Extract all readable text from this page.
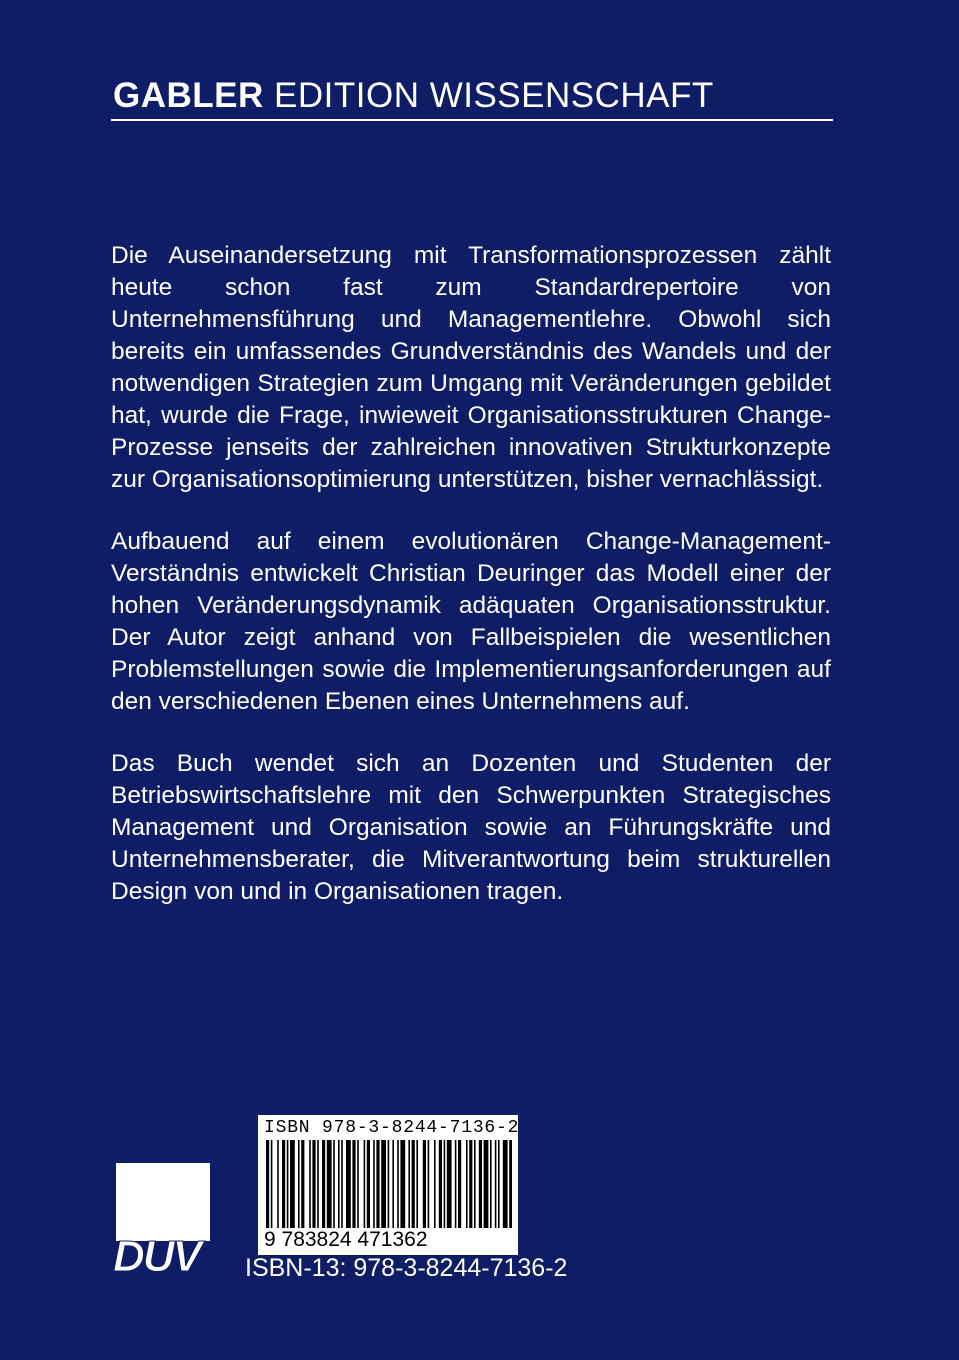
GABLER EDITION WISSENSCHAFT

Die Auseinandersetzung mit Transformationsprozessen zählt heute schon fast zum Standardrepertoire von Unternehmensführung und Managementlehre. Obwohl sich bereits ein umfassendes Grundverständnis des Wandels und der notwendigen Strategien zum Umgang mit Veränderungen gebildet hat, wurde die Frage, inwieweit Organisationsstrukturen Change-Prozesse jenseits der zahlreichen innovativen Strukturkonzepte zur Organisationsoptimierung unterstützen, bisher vernachlässigt.

Aufbauend auf einem evolutionären Change-Management-Verständnis entwickelt Christian Deuringer das Modell einer der hohen Veränderungsdynamik adäquaten Organisationsstruktur. Der Autor zeigt anhand von Fallbeispielen die wesentlichen Problemstellungen sowie die Implementierungsanforderungen auf den verschiedenen Ebenen eines Unternehmens auf.

Das Buch wendet sich an Dozenten und Studenten der Betriebswirtschaftslehre mit den Schwerpunkten Strategisches Management und Organisation sowie an Führungskräfte und Unternehmensberater, die Mitverantwortung beim strukturellen Design von und in Organisationen tragen.

DUV
ISBN 978-3-8244-7136-2
9 783824 471362
ISBN-13: 978-3-8244-7136-2
